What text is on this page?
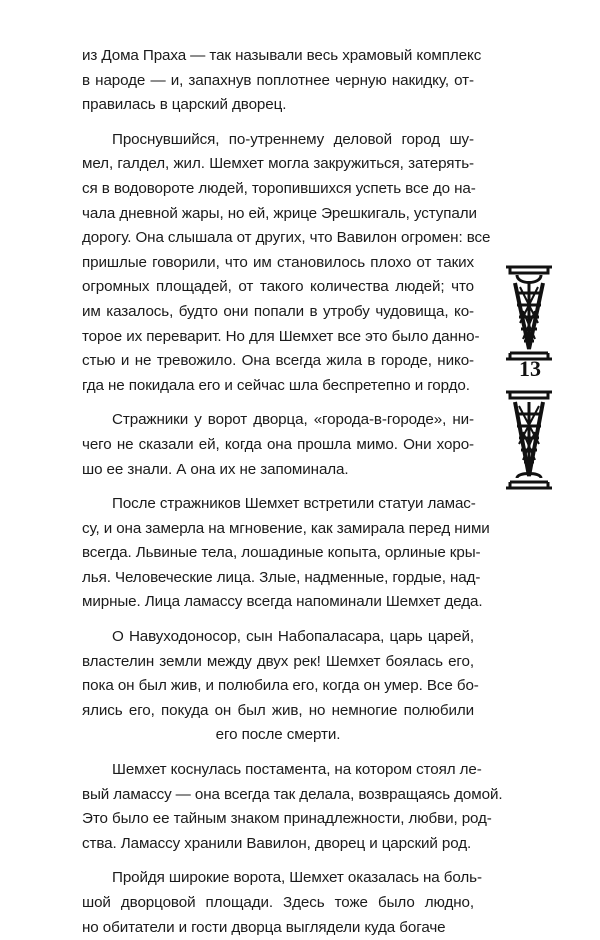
из Дома Праха — так называли весь храмовый комплекс
в народе — и, запахнув поплотнее черную накидку, от-
правилась в царский дворец.
Проснувшийся, по-утреннему деловой город шу-
мел, галдел, жил. Шемхет могла закружиться, затерять-
ся в водовороте людей, торопившихся успеть все до на-
чала дневной жары, но ей, жрице Эрешкигаль, уступали
дорогу. Она слышала от других, что Вавилон огромен: все
пришлые говорили, что им становилось плохо от таких
огромных площадей, от такого количества людей; что
им казалось, будто они попали в утробу чудовища, ко-
торое их переварит. Но для Шемхет все это было данно-
стью и не тревожило. Она всегда жила в городе, нико-
гда не покидала его и сейчас шла беспретепно и гордо.
Стражники у ворот дворца, «города-в-городе», ни-
чего не сказали ей, когда она прошла мимо. Они хоро-
шо ее знали. А она их не запоминала.
После стражников Шемхет встретили статуи ламас-
су, и она замерла на мгновение, как замирала перед ними
всегда. Львиные тела, лошадиные копыта, орлиные кры-
лья. Человеческие лица. Злые, надменные, гордые, над-
мирные. Лица ламассу всегда напоминали Шемхет деда.
О Навуходоносор, сын Набопаласара, царь царей,
властелин земли между двух рек! Шемхет боялась его,
пока он был жив, и полюбила его, когда он умер. Все бо-
ялись его, покуда он был жив, но немногие полюбили
его после смерти.
Шемхет коснулась постамента, на котором стоял ле-
вый ламассу — она всегда так делала, возвращаясь домой.
Это было ее тайным знаком принадлежности, любви, род-
ства. Ламассу хранили Вавилон, дворец и царский род.
Пройдя широкие ворота, Шемхет оказалась на боль-
шой дворцовой площади. Здесь тоже было людно,
но обитатели и гости дворца выглядели куда богаче
13
